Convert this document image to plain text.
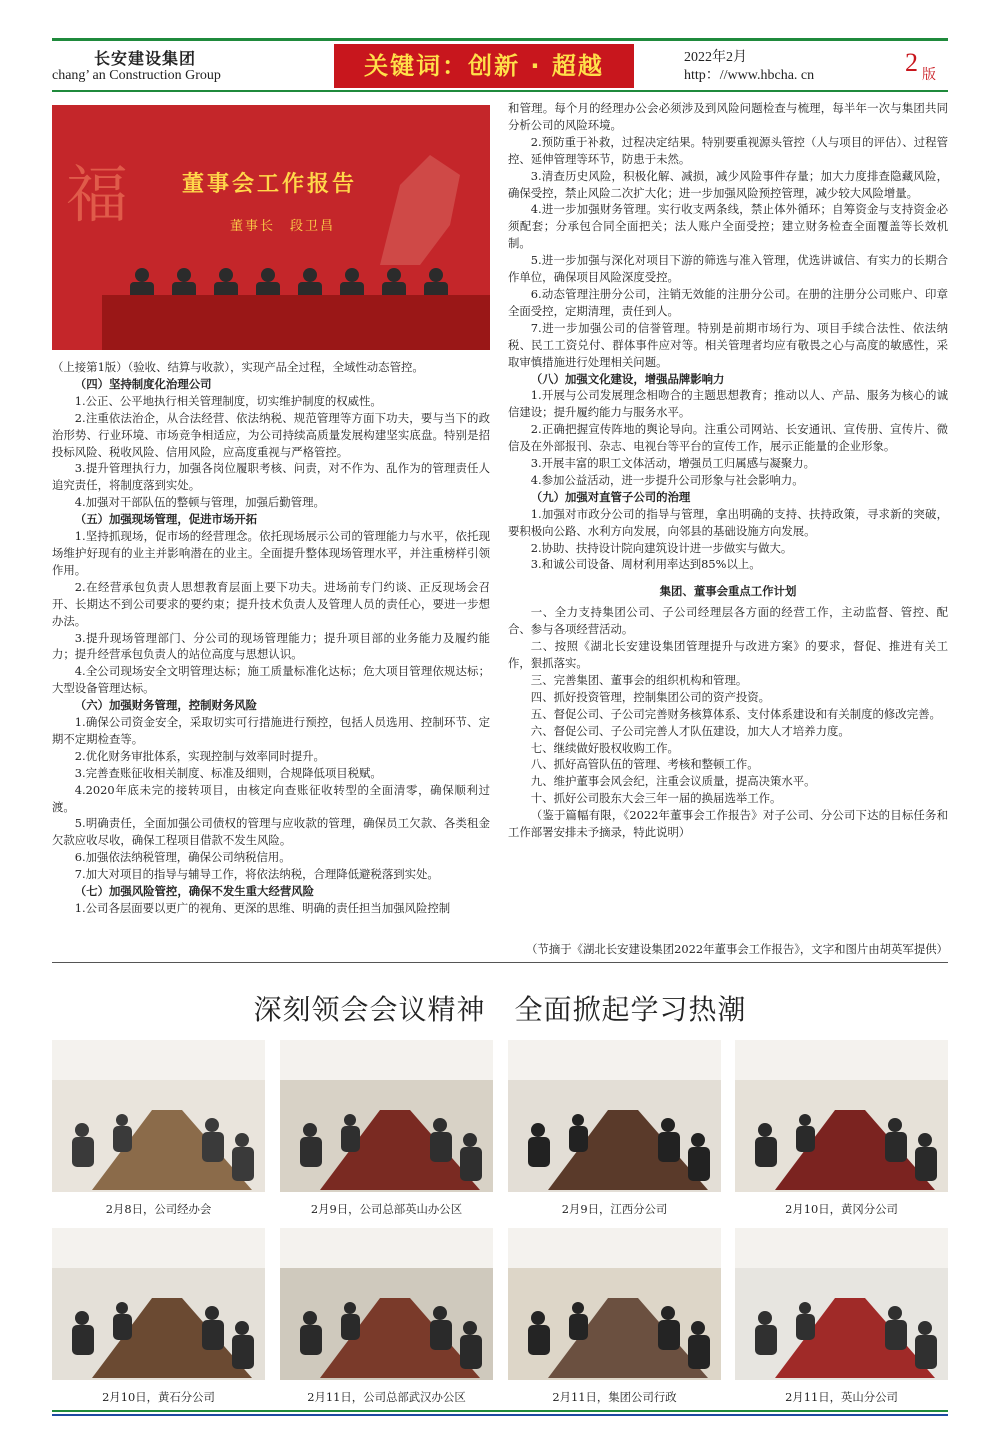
长安建设集团
chang’ an Construction Group	关键词：创新 · 超越	2022年2月
http：//www.hbcha. cn	2 版
福 董事会工作报告
董事长　段卫昌

（上接第1版）（验收、结算与收款），实现产品全过程，全域性动态管控。

（四）坚持制度化治理公司

1.公正、公平地执行相关管理制度，切实维护制度的权威性。

2.注重依法治企，从合法经营、依法纳税、规范管理等方面下功夫，要与当下的政治形势、行业环境、市场竞争相适应，为公司持续高质量发展构建坚实底盘。特别是招投标风险、税收风险、信用风险，应高度重视与严格管控。

3.提升管理执行力，加强各岗位履职考核、问责，对不作为、乱作为的管理责任人追究责任，将制度落到实处。

4.加强对干部队伍的整顿与管理，加强后勤管理。

（五）加强现场管理，促进市场开拓

1.坚持抓现场，促市场的经营理念。依托现场展示公司的管理能力与水平，依托现场维护好现有的业主并影响潜在的业主。全面提升整体现场管理水平，并注重榜样引领作用。

2.在经营承包负责人思想教育层面上要下功夫。进场前专门约谈、正反现场会召开、长期达不到公司要求的要约束；提升技术负责人及管理人员的责任心，要进一步想办法。

3.提升现场管理部门、分公司的现场管理能力；提升项目部的业务能力及履约能力；提升经营承包负责人的站位高度与思想认识。

4.全公司现场安全文明管理达标；施工质量标准化达标；危大项目管理依规达标；大型设备管理达标。

（六）加强财务管理，控制财务风险

1.确保公司资金安全，采取切实可行措施进行预控，包括人员选用、控制环节、定期不定期检查等。

2.优化财务审批体系，实现控制与效率同时提升。

3.完善查账征收相关制度、标准及细则，合规降低项目税赋。

4.2020年底未完的接转项目，由核定向查账征收转型的全面清零，确保顺利过渡。

5.明确责任，全面加强公司债权的管理与应收款的管理，确保员工欠款、各类租金欠款应收尽收，确保工程项目借款不发生风险。

6.加强依法纳税管理，确保公司纳税信用。

7.加大对项目的指导与辅导工作，将依法纳税，合理降低避税落到实处。

（七）加强风险管控，确保不发生重大经营风险

1.公司各层面要以更广的视角、更深的思维、明确的责任担当加强风险控制

和管理。每个月的经理办公会必须涉及到风险问题检查与梳理，每半年一次与集团共同分析公司的风险环境。

2.预防重于补救，过程决定结果。特别要重视源头管控（人与项目的评估）、过程管控、延伸管理等环节，防患于未然。

3.清查历史风险，积极化解、减损，减少风险事件存量；加大力度排查隐藏风险，确保受控，禁止风险二次扩大化；进一步加强风险预控管理，减少较大风险增量。

4.进一步加强财务管理。实行收支两条线，禁止体外循环；自筹资金与支持资金必须配套；分承包合同全面把关；法人账户全面受控；建立财务检查全面覆盖等长效机制。

5.进一步加强与深化对项目下游的筛选与准入管理，优选讲诚信、有实力的长期合作单位，确保项目风险深度受控。

6.动态管理注册分公司，注销无效能的注册分公司。在册的注册分公司账户、印章全面受控，定期清理，责任到人。

7.进一步加强公司的信誉管理。特别是前期市场行为、项目手续合法性、依法纳税、民工工资兑付、群体事件应对等。相关管理者均应有敬畏之心与高度的敏感性，采取审慎措施进行处理相关问题。

（八）加强文化建设，增强品牌影响力

1.开展与公司发展理念相吻合的主题思想教育；推动以人、产品、服务为核心的诚信建设；提升履约能力与服务水平。

2.正确把握宣传阵地的舆论导向。注重公司网站、长安通讯、宣传册、宣传片、微信及在外部报刊、杂志、电视台等平台的宣传工作，展示正能量的企业形象。

3.开展丰富的职工文体活动，增强员工归属感与凝聚力。

4.参加公益活动，进一步提升公司形象与社会影响力。

（九）加强对直管子公司的治理

1.加强对市政分公司的指导与管理，拿出明确的支持、扶持政策，寻求新的突破，要积极向公路、水利方向发展，向邻县的基础设施方向发展。

2.协助、扶持设计院向建筑设计进一步做实与做大。

3.和诚公司设备、周材利用率达到85%以上。

集团、董事会重点工作计划

一、全力支持集团公司、子公司经理层各方面的经营工作，主动监督、管控、配合、参与各项经营活动。

二、按照《湖北长安建设集团管理提升与改进方案》的要求，督促、推进有关工作，狠抓落实。

三、完善集团、董事会的组织机构和管理。

四、抓好投资管理，控制集团公司的资产投资。

五、督促公司、子公司完善财务核算体系、支付体系建设和有关制度的修改完善。

六、督促公司、子公司完善人才队伍建设，加大人才培养力度。

七、继续做好股权收购工作。

八、抓好高管队伍的管理、考核和整顿工作。

九、维护董事会风会纪，注重会议质量，提高决策水平。

十、抓好公司股东大会三年一届的换届选举工作。

（鉴于篇幅有限，《2022年董事会工作报告》对子公司、分公司下达的目标任务和工作部署安排未予摘录，特此说明）

（节摘于《湖北长安建设集团2022年董事会工作报告》，文字和图片由胡英军提供）
深刻领会会议精神　全面掀起学习热潮
2月8日，公司经办会	2月9日，公司总部英山办公区	2月9日，江西分公司	2月10日，黄冈分公司
2月10日，黄石分公司	2月11日，公司总部武汉办公区	2月11日，集团公司行政	2月11日，英山分公司
